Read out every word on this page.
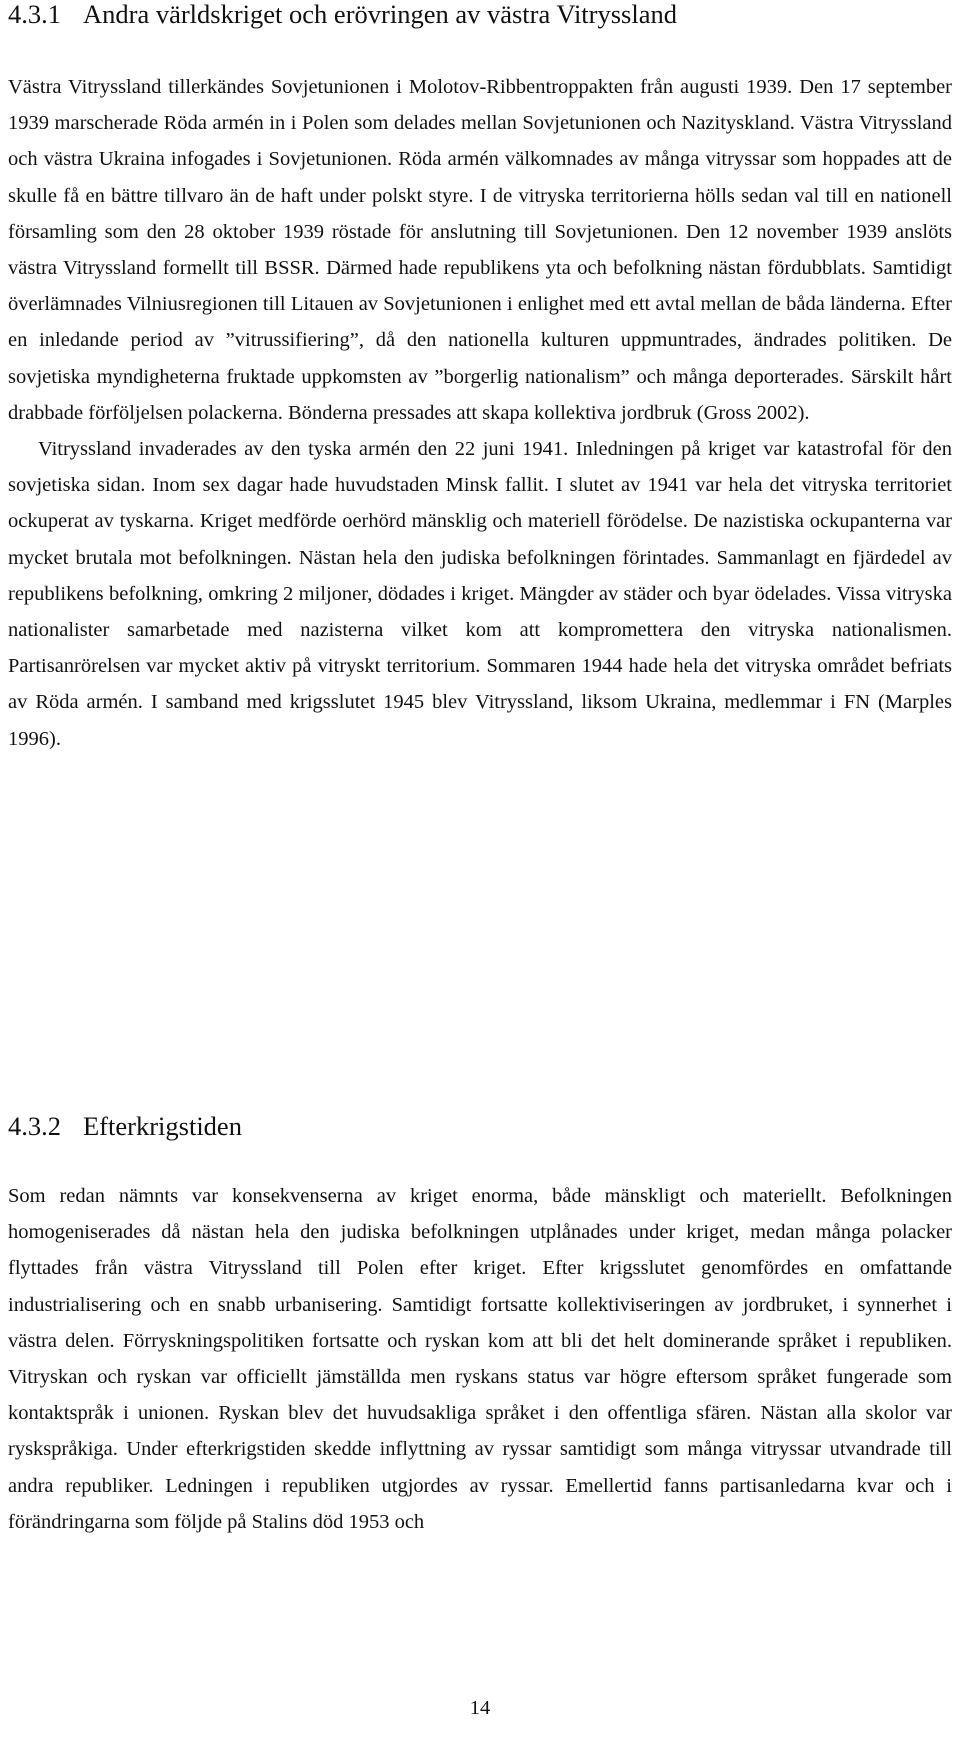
4.3.1 Andra världskriget och erövringen av västra Vitryssland

Västra Vitryssland tillerkändes Sovjetunionen i Molotov-Ribbentroppakten från augusti 1939. Den 17 september 1939 marscherade Röda armén in i Polen som delades mellan Sovjetunionen och Nazityskland. Västra Vitryssland och västra Ukraina infogades i Sovjetunionen. Röda armén välkomnades av många vitryssar som hoppades att de skulle få en bättre tillvaro än de haft under polskt styre. I de vitryska territorierna hölls sedan val till en nationell församling som den 28 oktober 1939 röstade för anslutning till Sovjetunionen. Den 12 november 1939 anslöts västra Vitryssland formellt till BSSR. Därmed hade republikens yta och befolkning nästan fördubblats. Samtidigt överlämnades Vilniusregionen till Litauen av Sovjetunionen i enlighet med ett avtal mellan de båda länderna. Efter en inledande period av ”vitrussifiering”, då den nationella kulturen uppmuntrades, ändrades politiken. De sovjetiska myndigheterna fruktade uppkomsten av ”borgerlig nationalism” och många deporterades. Särskilt hårt drabbade förföljelsen polackerna. Bönderna pressades att skapa kollektiva jordbruk (Gross 2002).

Vitryssland invaderades av den tyska armén den 22 juni 1941. Inledningen på kriget var katastrofal för den sovjetiska sidan. Inom sex dagar hade huvudstaden Minsk fallit. I slutet av 1941 var hela det vitryska territoriet ockuperat av tyskarna. Kriget medförde oerhörd mänsklig och materiell förödelse. De nazistiska ockupanterna var mycket brutala mot befolkningen. Nästan hela den judiska befolkningen förintades. Sammanlagt en fjärdedel av republikens befolkning, omkring 2 miljoner, dödades i kriget. Mängder av städer och byar ödelades. Vissa vitryska nationalister samarbetade med nazisterna vilket kom att kompromettera den vitryska nationalismen. Partisanrörelsen var mycket aktiv på vitryskt territorium. Sommaren 1944 hade hela det vitryska området befriats av Röda armén. I samband med krigsslutet 1945 blev Vitryssland, liksom Ukraina, medlemmar i FN (Marples 1996).

4.3.2 Efterkrigstiden

Som redan nämnts var konsekvenserna av kriget enorma, både mänskligt och materiellt. Befolkningen homogeniserades då nästan hela den judiska befolkningen utplånades under kriget, medan många polacker flyttades från västra Vitryssland till Polen efter kriget. Efter krigsslutet genomfördes en omfattande industrialisering och en snabb urbanisering. Samtidigt fortsatte kollektiviseringen av jordbruket, i synnerhet i västra delen. Förryskningspolitiken fortsatte och ryskan kom att bli det helt dominerande språket i republiken. Vitryskan och ryskan var officiellt jämställda men ryskans status var högre eftersom språket fungerade som kontaktspråk i unionen. Ryskan blev det huvudsakliga språket i den offentliga sfären. Nästan alla skolor var ryskspråkiga. Under efterkrigstiden skedde inflyttning av ryssar samtidigt som många vitryssar utvandrade till andra republiker. Ledningen i republiken utgjordes av ryssar. Emellertid fanns partisanledarna kvar och i förändringarna som följde på Stalins död 1953 och

14
